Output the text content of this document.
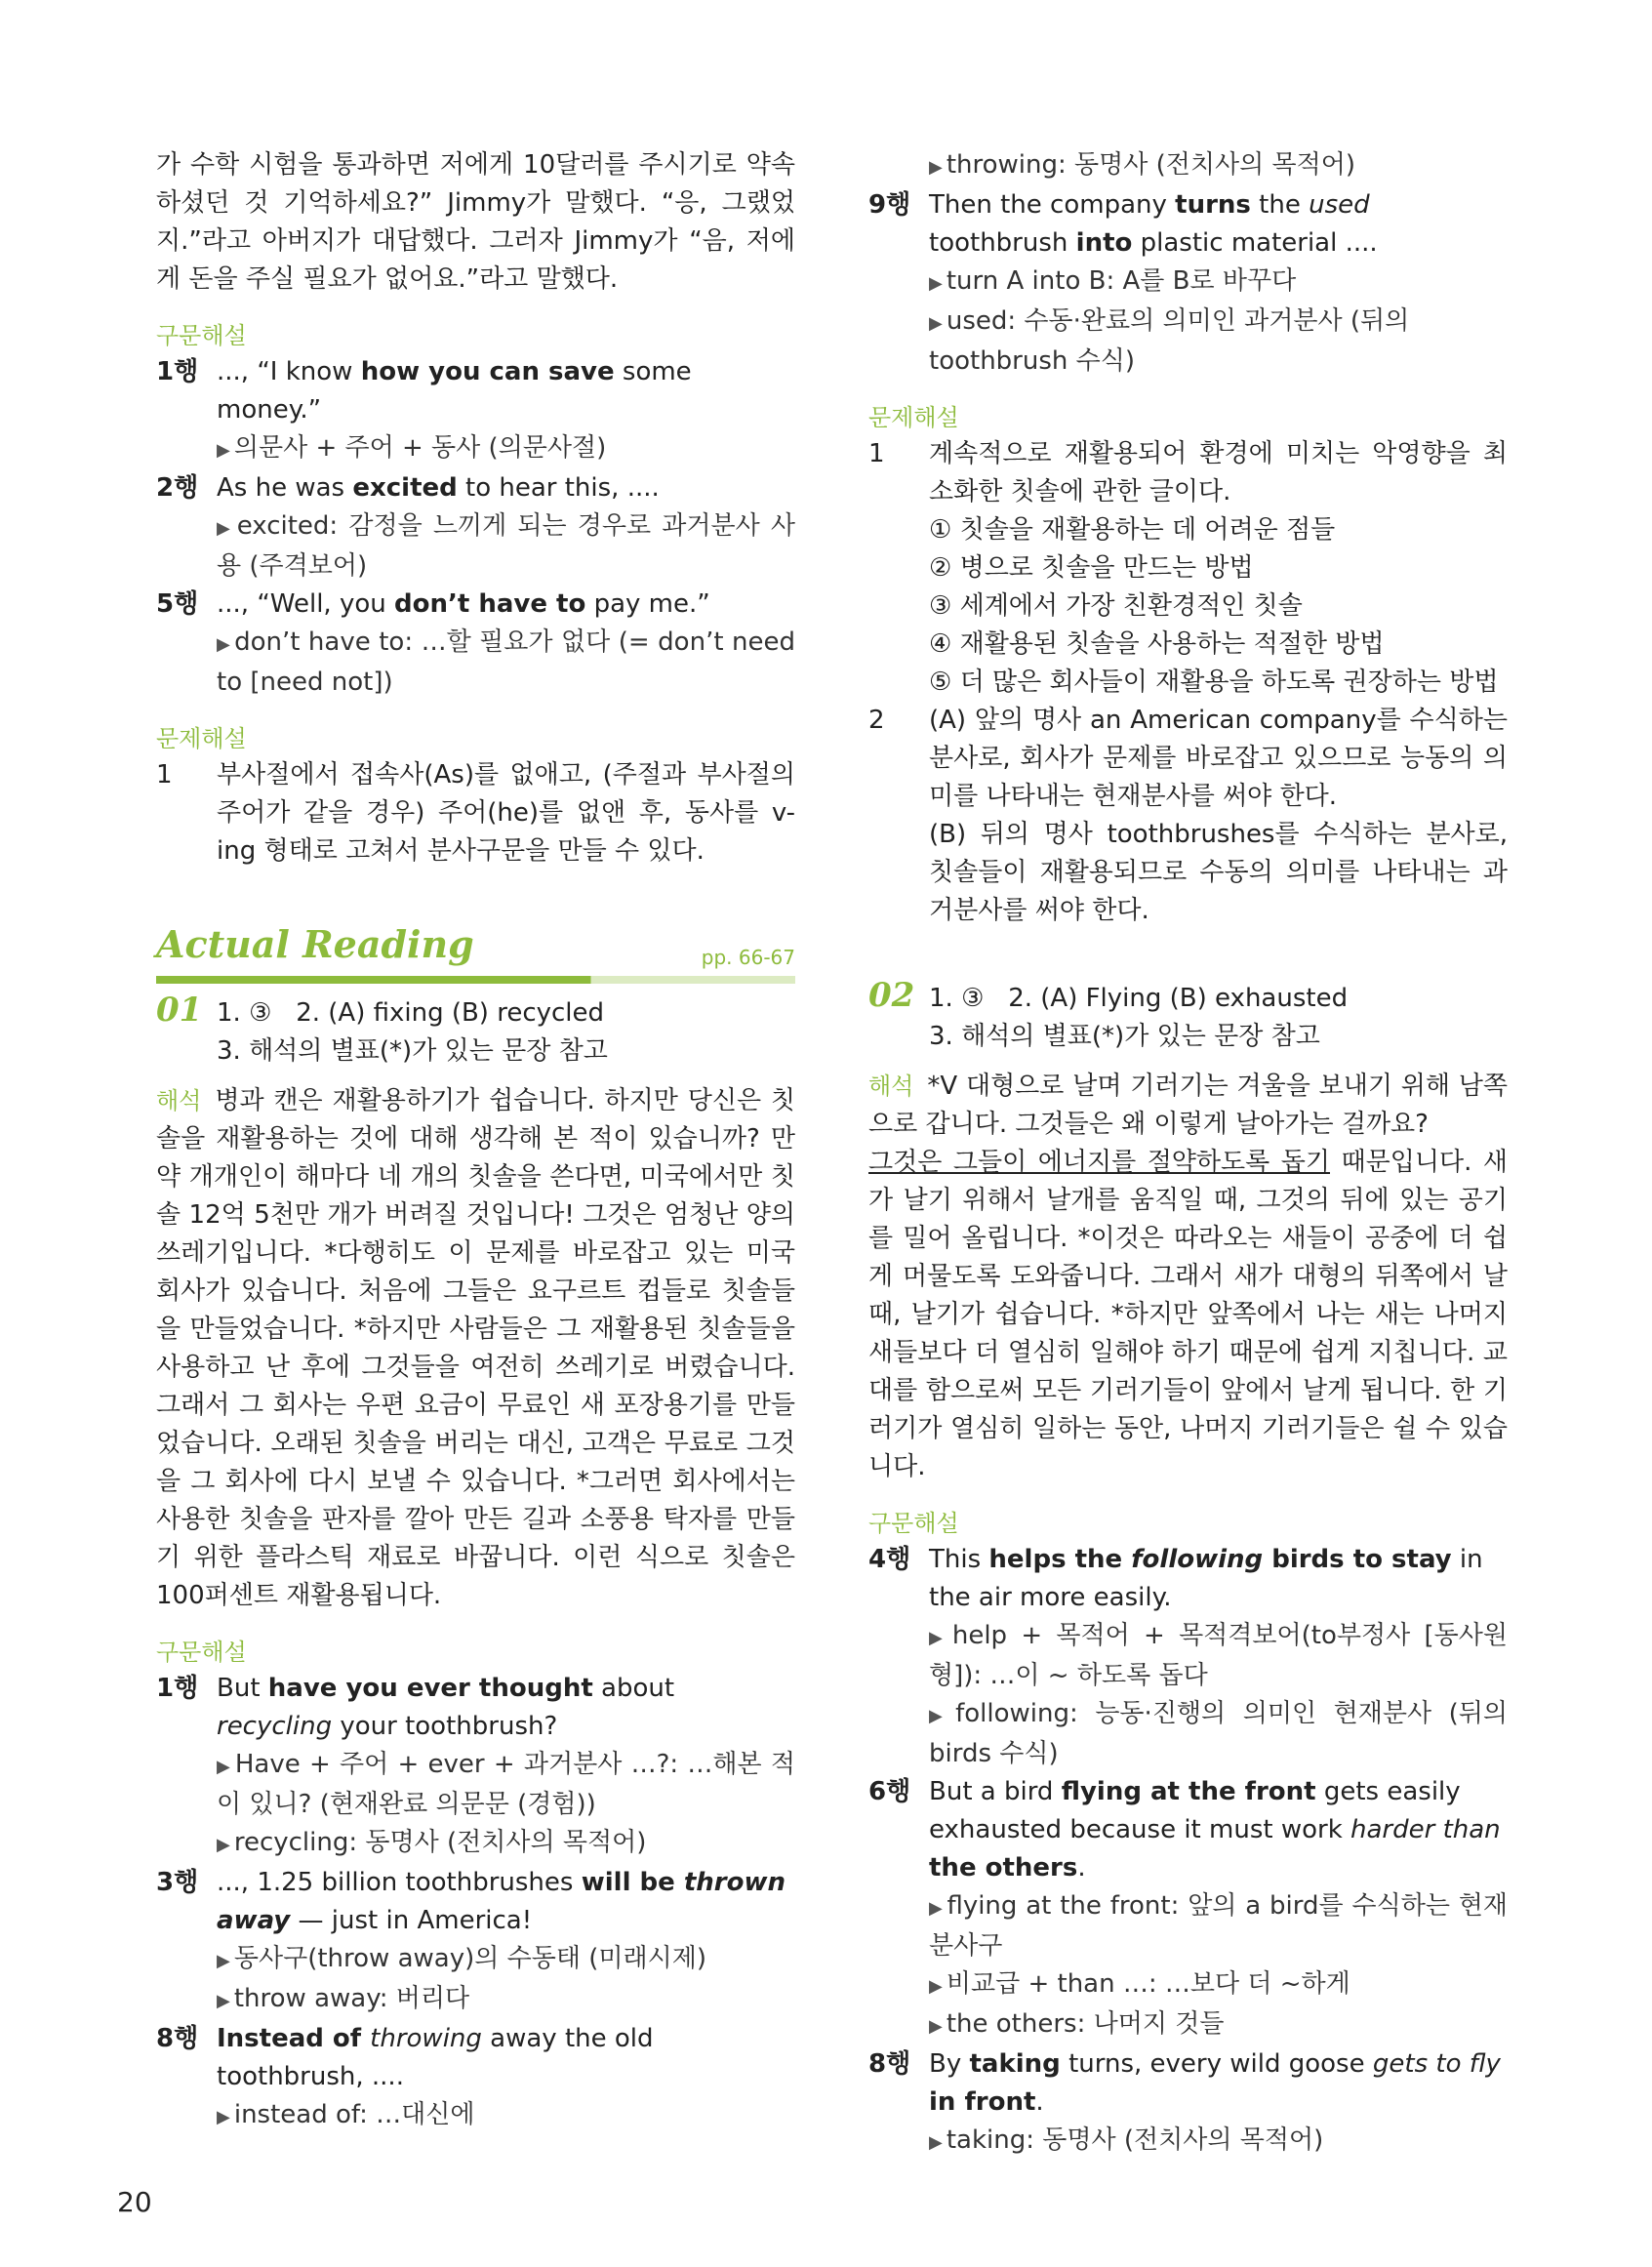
가 수학 시험을 통과하면 저에게 10달러를 주시기로 약속하셨던 것 기억하세요?” Jimmy가 말했다. “응, 그랬었지.”라고 아버지가 대답했다. 그러자 Jimmy가 “음, 저에게 돈을 주실 필요가 없어요.”라고 말했다.

구문해설
1행 ..., “I know how you can save some money.”
▶ 의문사 + 주어 + 동사 (의문사절)
2행 As he was excited to hear this, ....
▶ excited: 감정을 느끼게 되는 경우로 과거분사 사용 (주격보어)
5행 ..., “Well, you don’t have to pay me.”
▶ don’t have to: …할 필요가 없다 (= don’t need to [need not])
문제해설
1	부사절에서 접속사(As)를 없애고, (주절과 부사절의 주어가 같을 경우) 주어(he)를 없앤 후, 동사를 v-ing 형태로 고쳐서 분사구문을 만들 수 있다.
Actual Reading	pp. 66-67
01 1. ③ 2. (A) fixing (B) recycled
3. 해석의 별표(*)가 있는 문장 참고

해석 병과 캔은 재활용하기가 쉽습니다. 하지만 당신은 칫솔을 재활용하는 것에 대해 생각해 본 적이 있습니까? 만약 개개인이 해마다 네 개의 칫솔을 쓴다면, 미국에서만 칫솔 12억 5천만 개가 버려질 것입니다! 그것은 엄청난 양의 쓰레기입니다. *다행히도 이 문제를 바로잡고 있는 미국 회사가 있습니다. 처음에 그들은 요구르트 컵들로 칫솔들을 만들었습니다. *하지만 사람들은 그 재활용된 칫솔들을 사용하고 난 후에 그것들을 여전히 쓰레기로 버렸습니다. 그래서 그 회사는 우편 요금이 무료인 새 포장용기를 만들었습니다. 오래된 칫솔을 버리는 대신, 고객은 무료로 그것을 그 회사에 다시 보낼 수 있습니다. *그러면 회사에서는 사용한 칫솔을 판자를 깔아 만든 길과 소풍용 탁자를 만들기 위한 플라스틱 재료로 바꿉니다. 이런 식으로 칫솔은 100퍼센트 재활용됩니다.

구문해설
1행 But have you ever thought about recycling your toothbrush?
▶ Have + 주어 + ever + 과거분사 …?: …해본 적이 있니? (현재완료 의문문 (경험))
▶ recycling: 동명사 (전치사의 목적어)
3행 ..., 1.25 billion toothbrushes will be thrown away — just in America!
▶ 동사구(throw away)의 수동태 (미래시제)
▶ throw away: 버리다
8행 Instead of throwing away the old toothbrush, ....
▶ instead of: …대신에
▶ throwing: 동명사 (전치사의 목적어)
9행 Then the company turns the used toothbrush into plastic material ....
▶ turn A into B: A를 B로 바꾸다
▶ used: 수동·완료의 의미인 과거분사 (뒤의 toothbrush 수식)
문제해설
1	계속적으로 재활용되어 환경에 미치는 악영향을 최소화한 칫솔에 관한 글이다.
① 칫솔을 재활용하는 데 어려운 점들
② 병으로 칫솔을 만드는 방법
③ 세계에서 가장 친환경적인 칫솔
④ 재활용된 칫솔을 사용하는 적절한 방법
⑤ 더 많은 회사들이 재활용을 하도록 권장하는 방법
2	(A) 앞의 명사 an American company를 수식하는 분사로, 회사가 문제를 바로잡고 있으므로 능동의 의미를 나타내는 현재분사를 써야 한다.
(B) 뒤의 명사 toothbrushes를 수식하는 분사로, 칫솔들이 재활용되므로 수동의 의미를 나타내는 과거분사를 써야 한다.
02 1. ③ 2. (A) Flying (B) exhausted
3. 해석의 별표(*)가 있는 문장 참고

해석 *V 대형으로 날며 기러기는 겨울을 보내기 위해 남쪽으로 갑니다. 그것들은 왜 이렇게 날아가는 걸까요?

그것은 그들이 에너지를 절약하도록 돕기 때문입니다. 새가 날기 위해서 날개를 움직일 때, 그것의 뒤에 있는 공기를 밀어 올립니다. *이것은 따라오는 새들이 공중에 더 쉽게 머물도록 도와줍니다. 그래서 새가 대형의 뒤쪽에서 날 때, 날기가 쉽습니다. *하지만 앞쪽에서 나는 새는 나머지 새들보다 더 열심히 일해야 하기 때문에 쉽게 지칩니다. 교대를 함으로써 모든 기러기들이 앞에서 날게 됩니다. 한 기러기가 열심히 일하는 동안, 나머지 기러기들은 쉴 수 있습니다.

구문해설
4행 This helps the following birds to stay in the air more easily.
▶ help + 목적어 + 목적격보어(to부정사 [동사원형]): …이 ~ 하도록 돕다
▶ following: 능동·진행의 의미인 현재분사 (뒤의 birds 수식)
6행 But a bird flying at the front gets easily exhausted because it must work harder than the others.
▶ flying at the front: 앞의 a bird를 수식하는 현재분사구
▶ 비교급 + than …: …보다 더 ~하게
▶ the others: 나머지 것들
8행 By taking turns, every wild goose gets to fly in front.
▶ taking: 동명사 (전치사의 목적어)
20
